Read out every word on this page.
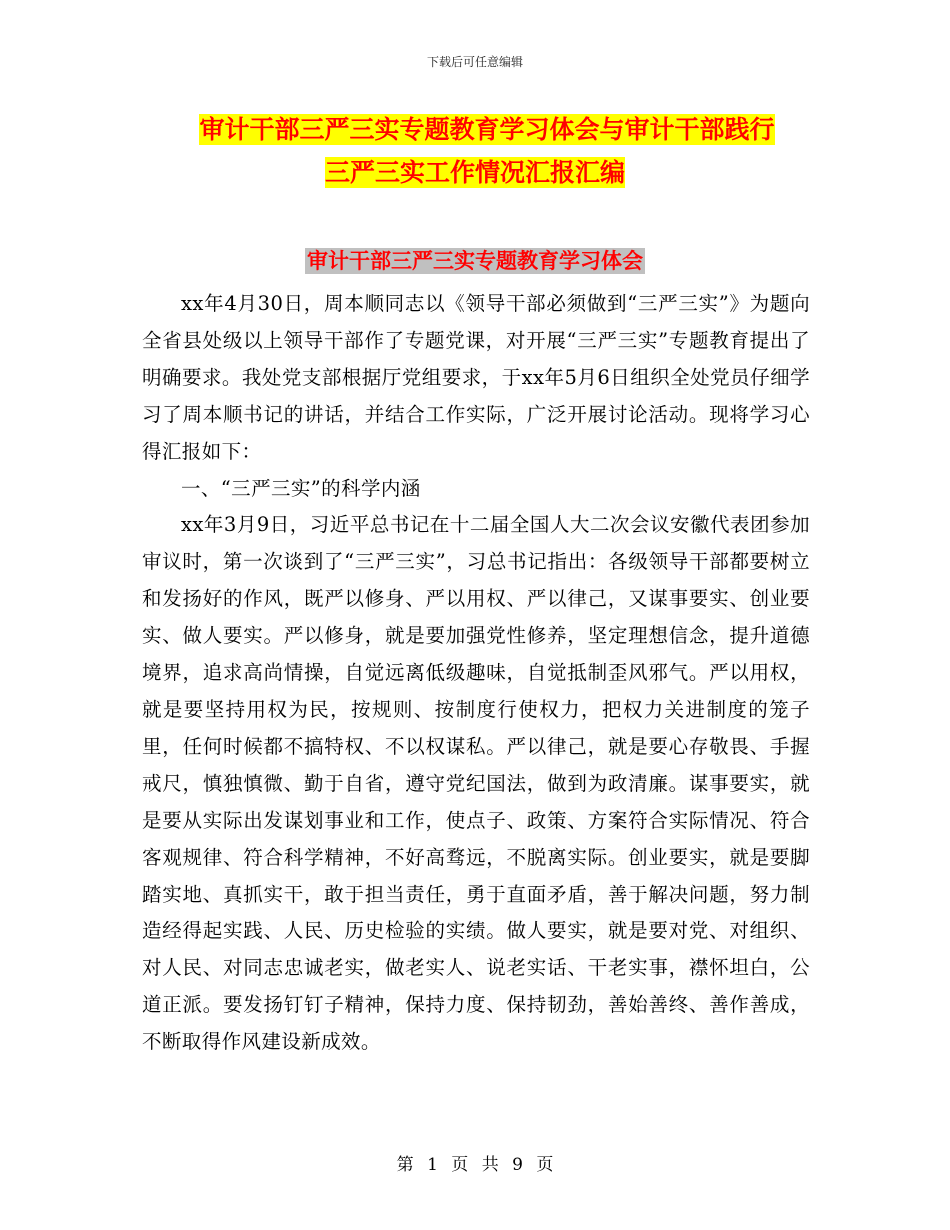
下载后可任意编辑
审计干部三严三实专题教育学习体会与审计干部践行
三严三实工作情况汇报汇编
审计干部三严三实专题教育学习体会

xx年4月30日，周本顺同志以《领导干部必须做到“三严三实”》为题向全省县处级以上领导干部作了专题党课，对开展“三严三实”专题教育提出了明确要求。我处党支部根据厅党组要求，于xx年5月6日组织全处党员仔细学习了周本顺书记的讲话，并结合工作实际，广泛开展讨论活动。现将学习心得汇报如下：

一、“三严三实”的科学内涵

xx年3月9日，习近平总书记在十二届全国人大二次会议安徽代表团参加审议时，第一次谈到了“三严三实”，习总书记指出：各级领导干部都要树立和发扬好的作风，既严以修身、严以用权、严以律己，又谋事要实、创业要实、做人要实。严以修身，就是要加强党性修养，坚定理想信念，提升道德境界，追求高尚情操，自觉远离低级趣味，自觉抵制歪风邪气。严以用权，就是要坚持用权为民，按规则、按制度行使权力，把权力关进制度的笼子里，任何时候都不搞特权、不以权谋私。严以律己，就是要心存敬畏、手握戒尺，慎独慎微、勤于自省，遵守党纪国法，做到为政清廉。谋事要实，就是要从实际出发谋划事业和工作，使点子、政策、方案符合实际情况、符合客观规律、符合科学精神，不好高骛远，不脱离实际。创业要实，就是要脚踏实地、真抓实干，敢于担当责任，勇于直面矛盾，善于解决问题，努力制造经得起实践、人民、历史检验的实绩。做人要实，就是要对党、对组织、对人民、对同志忠诚老实，做老实人、说老实话、干老实事，襟怀坦白，公道正派。要发扬钉钉子精神，保持力度、保持韧劲，善始善终、善作善成，不断取得作风建设新成效。

第 1 页 共 9 页
